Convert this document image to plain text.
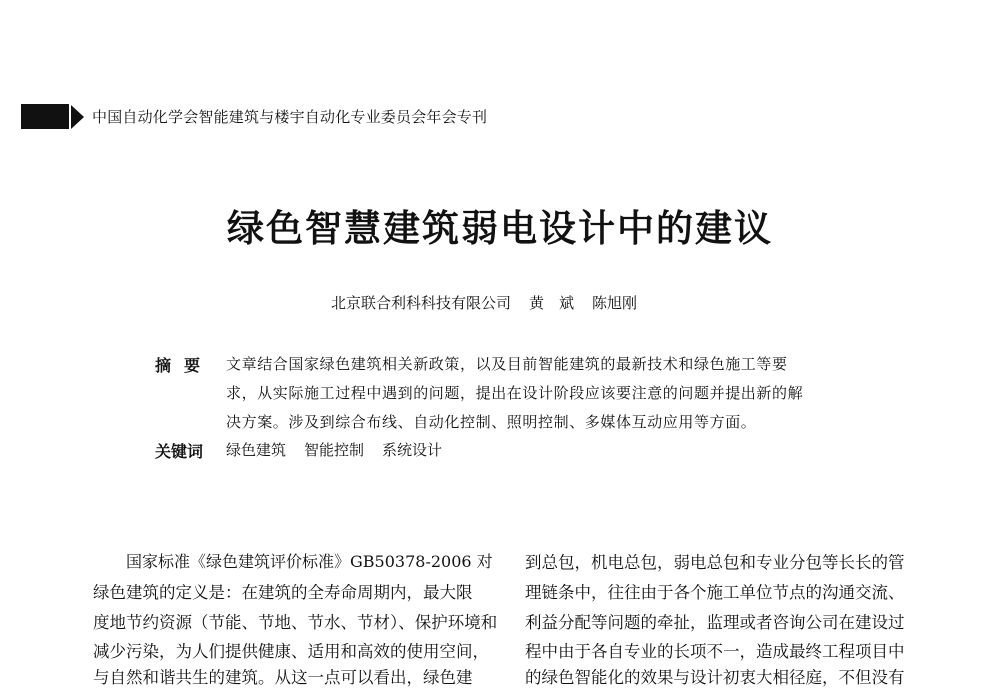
中国自动化学会智能建筑与楼宇自动化专业委员会年会专刊
绿色智慧建筑弱电设计中的建议
北京联合利科科技有限公司 黄　斌 陈旭刚
摘要 文章结合国家绿色建筑相关新政策，以及目前智能建筑的最新技术和绿色施工等要
求，从实际施工过程中遇到的问题，提出在设计阶段应该要注意的问题并提出新的解
决方案。涉及到综合布线、自动化控制、照明控制、多媒体互动应用等方面。
关键词 绿色建筑 智能控制 系统设计
国家标准《绿色建筑评价标准》GB50378-2006 对
绿色建筑的定义是：在建筑的全寿命周期内，最大限
度地节约资源（节能、节地、节水、节材）、保护环境和
减少污染，为人们提供健康、适用和高效的使用空间，
与自然和谐共生的建筑。从这一点可以看出，绿色建
到总包，机电总包，弱电总包和专业分包等长长的管
理链条中，往往由于各个施工单位节点的沟通交流、
利益分配等问题的牵扯，监理或者咨询公司在建设过
程中由于各自专业的长项不一，造成最终工程项目中
的绿色智能化的效果与设计初衷大相径庭，不但没有
